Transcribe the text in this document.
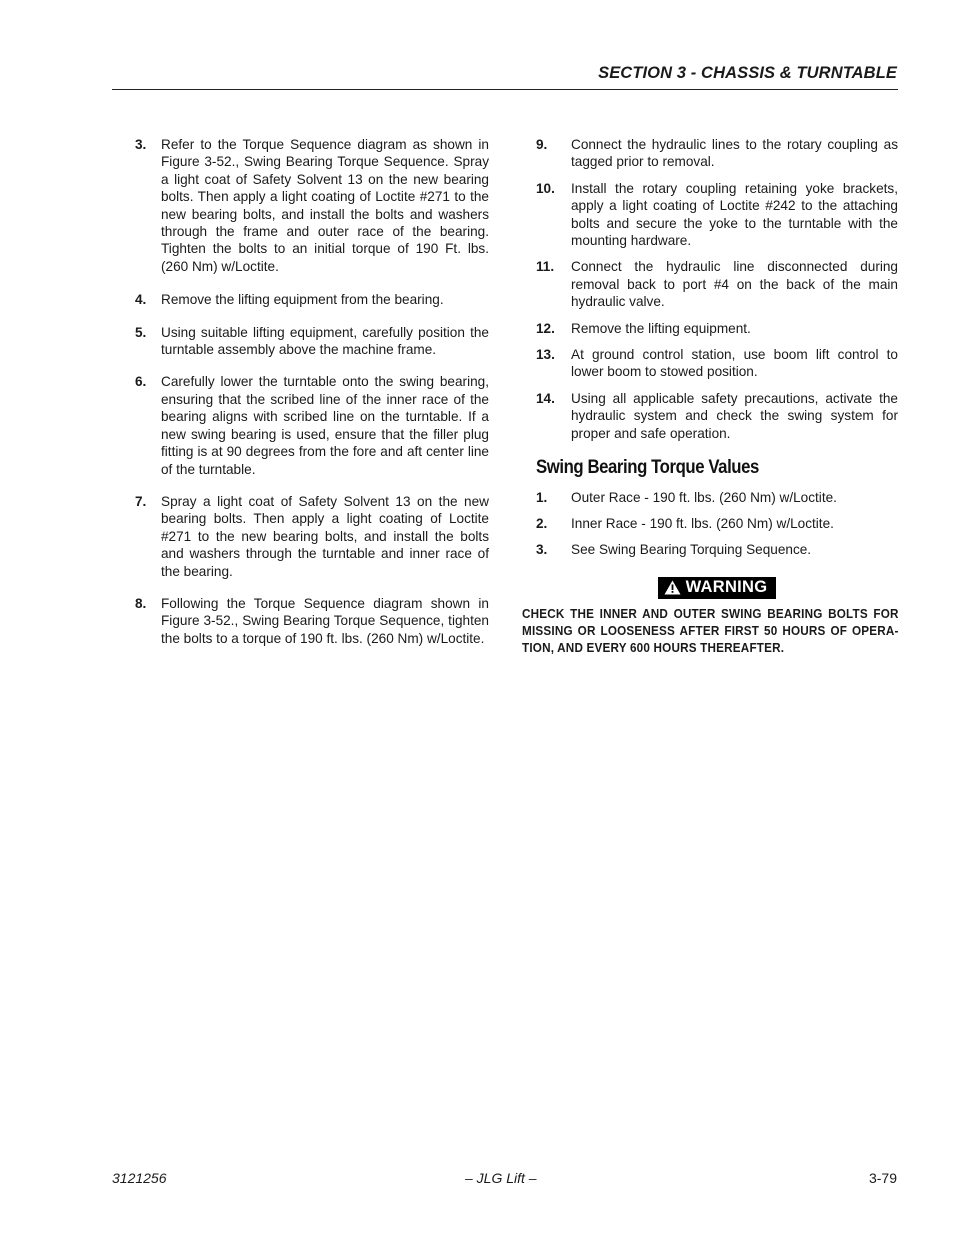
SECTION 3 - CHASSIS & TURNTABLE
3.	Refer to the Torque Sequence diagram as shown in Figure 3-52., Swing Bearing Torque Sequence. Spray a light coat of Safety Solvent 13 on the new bearing bolts. Then apply a light coating of Loctite #271 to the new bearing bolts, and install the bolts and washers through the frame and outer race of the bearing. Tighten the bolts to an initial torque of 190 Ft. lbs. (260 Nm) w/Loctite.
4.	Remove the lifting equipment from the bearing.
5.	Using suitable lifting equipment, carefully position the turntable assembly above the machine frame.
6.	Carefully lower the turntable onto the swing bearing, ensuring that the scribed line of the inner race of the bearing aligns with scribed line on the turntable. If a new swing bearing is used, ensure that the filler plug fitting is at 90 degrees from the fore and aft center line of the turntable.
7.	Spray a light coat of Safety Solvent 13 on the new bearing bolts. Then apply a light coating of Loctite #271 to the new bearing bolts, and install the bolts and washers through the turntable and inner race of the bearing.
8.	Following the Torque Sequence diagram shown in Figure 3-52., Swing Bearing Torque Sequence, tighten the bolts to a torque of 190 ft. lbs. (260 Nm) w/Loctite.
9.	Connect the hydraulic lines to the rotary coupling as tagged prior to removal.
10.	Install the rotary coupling retaining yoke brackets, apply a light coating of Loctite #242 to the attaching bolts and secure the yoke to the turntable with the mounting hardware.
11.	Connect the hydraulic line disconnected during removal back to port #4 on the back of the main hydraulic valve.
12.	Remove the lifting equipment.
13.	At ground control station, use boom lift control to lower boom to stowed position.
14.	Using all applicable safety precautions, activate the hydraulic system and check the swing system for proper and safe operation.
Swing Bearing Torque Values
1.	Outer Race - 190 ft. lbs. (260 Nm) w/Loctite.
2.	Inner Race - 190 ft. lbs. (260 Nm) w/Loctite.
3.	See Swing Bearing Torquing Sequence.
WARNING
CHECK THE INNER AND OUTER SWING BEARING BOLTS FOR MISSING OR LOOSENESS AFTER FIRST 50 HOURS OF OPERA-TION, AND EVERY 600 HOURS THEREAFTER.
3121256	– JLG Lift –	3-79
